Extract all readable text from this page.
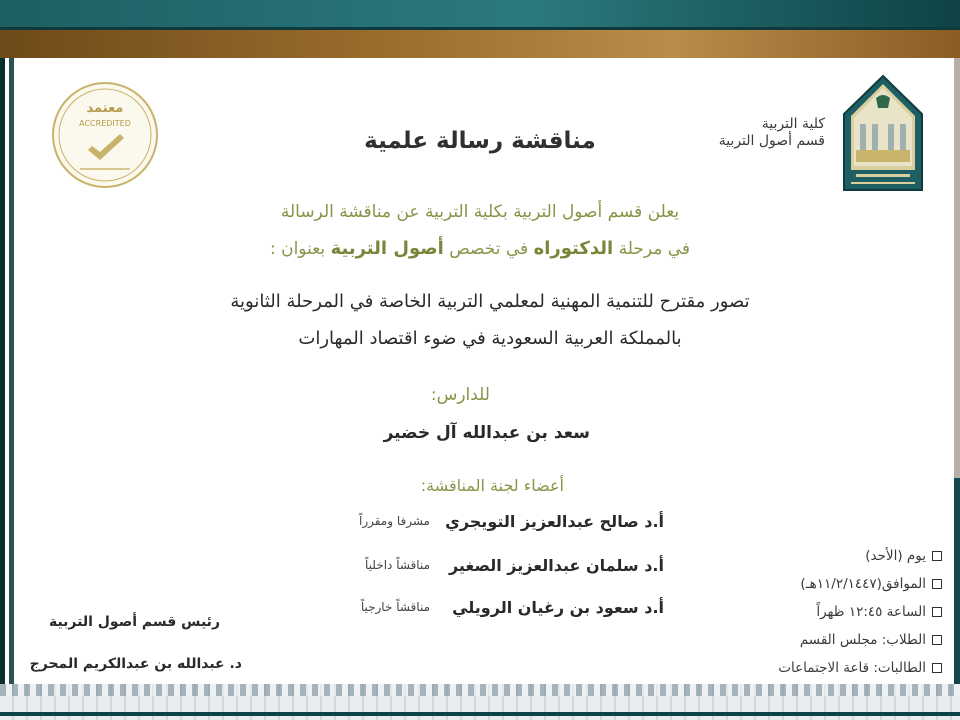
كلية التربية
قسم أصول التربية
معتمد
ACCREDITED
مناقشة رسالة علمية
يعلن قسم أصول التربية بكلية التربية عن مناقشة الرسالة
في مرحلة الدكتوراه في تخصص أصول التربية بعنوان :
تصور مقترح للتنمية المهنية لمعلمي التربية الخاصة في المرحلة الثانوية
بالمملكة العربية السعودية في ضوء اقتصاد المهارات
للدارس:
سعد بن عبدالله آل خضير
أعضاء لجنة المناقشة:
أ.د صالح عبدالعزيز التويجري
مشرفا ومقرراً
أ.د سلمان عبدالعزيز الصغير
مناقشاً داخلياً
أ.د سعود بن رغيان الرويلي
مناقشاً خارجياً
رئيس قسم أصول التربية
د. عبدالله بن عبدالكريم المحرج
يوم (الأحد)
الموافق(١١/٢/١٤٤٧هـ)
الساعة ١٢:٤٥ ظهراً
الطلاب: مجلس القسم
الطالبات: قاعة الاجتماعات
